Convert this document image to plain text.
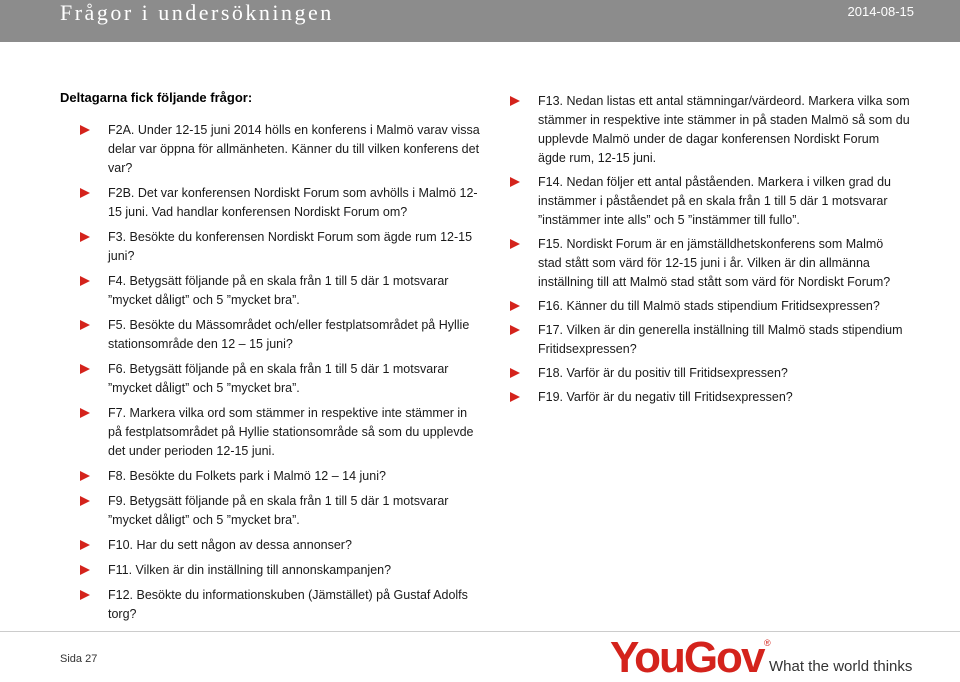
Frågor i undersökningen	2014-08-15
Deltagarna fick följande frågor:
F2A. Under 12-15 juni 2014 hölls en konferens i Malmö varav vissa delar var öppna för allmänheten. Känner du till vilken konferens det var?
F2B. Det var konferensen Nordiskt Forum som avhölls i Malmö 12-15 juni. Vad handlar konferensen Nordiskt Forum om?
F3. Besökte du konferensen Nordiskt Forum som ägde rum 12-15 juni?
F4. Betygsätt följande på en skala från 1 till 5 där 1 motsvarar ”mycket dåligt” och 5 ”mycket bra”.
F5. Besökte du Mässområdet och/eller festplatsområdet på Hyllie stationsområde den 12 – 15 juni?
F6. Betygsätt följande på en skala från 1 till 5 där 1 motsvarar ”mycket dåligt” och 5 ”mycket bra”.
F7. Markera vilka ord som stämmer in respektive inte stämmer in på festplatsområdet på Hyllie stationsområde så som du upplevde det under perioden 12-15 juni.
F8. Besökte du Folkets park i Malmö 12 – 14 juni?
F9. Betygsätt följande på en skala från 1 till 5 där 1 motsvarar ”mycket dåligt” och 5 ”mycket bra”.
F10. Har du sett någon av dessa annonser?
F11. Vilken är din inställning till annonskampanjen?
F12. Besökte du informationskuben (Jämstället) på Gustaf Adolfs torg?
F13. Nedan listas ett antal stämningar/värdeord. Markera vilka som stämmer in respektive inte stämmer in på staden Malmö så som du upplevde Malmö under de dagar konferensen Nordiskt Forum ägde rum, 12-15 juni.
F14. Nedan följer ett antal påståenden. Markera i vilken grad du instämmer i påståendet på en skala från 1 till 5 där 1 motsvarar ”instämmer inte alls” och 5 ”instämmer till fullo”.
F15. Nordiskt Forum är en jämställdhetskonferens som Malmö stad stått som värd för 12-15 juni i år. Vilken är din allmänna inställning till att Malmö stad stått som värd för Nordiskt Forum?
F16. Känner du till Malmö stads stipendium Fritidsexpressen?
F17. Vilken är din generella inställning till Malmö stads stipendium Fritidsexpressen?
F18. Varför är du positiv till Fritidsexpressen?
F19. Varför är du negativ till Fritidsexpressen?
Sida 27	YouGov ®
What the world thinks
